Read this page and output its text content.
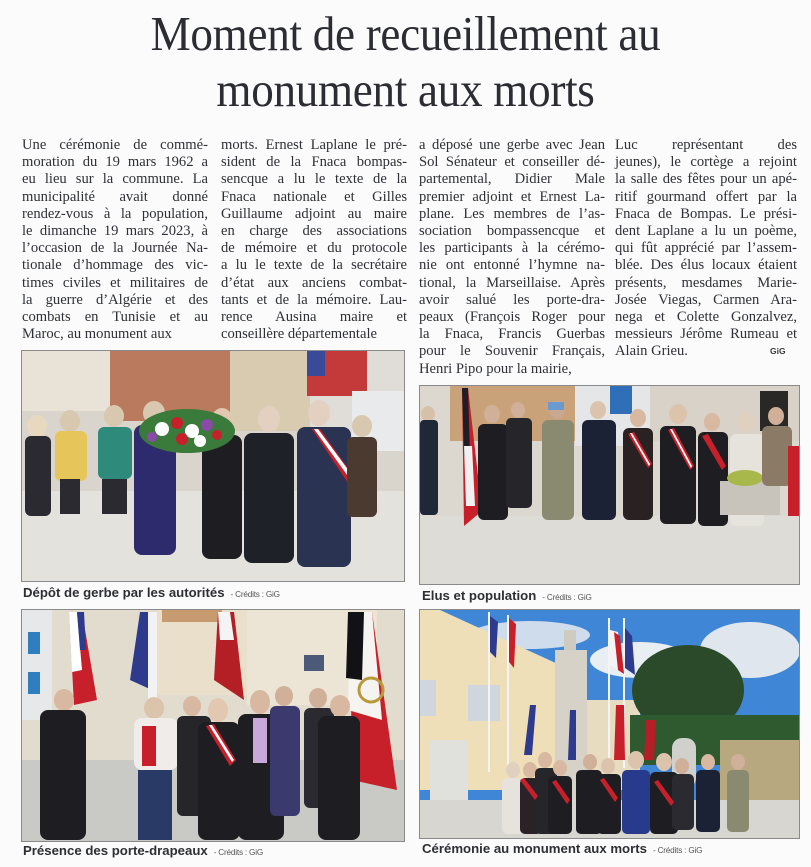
Moment de recueillement au
monument aux morts
Une cérémonie de commé-
moration du 19 mars 1962 a
eu lieu sur la commune. La
municipalité avait donné
rendez-vous à la population,
le dimanche 19 mars 2023, à
l’occasion de la Journée Na-
tionale d’hommage des vic-
times civiles et militaires de
la guerre d’Algérie et des
combats en Tunisie et au
Maroc, au monument aux
morts. Ernest Laplane le pré-
sident de la Fnaca bompas-
sencque a lu le texte de la
Fnaca nationale et Gilles
Guillaume adjoint au maire
en charge des associations
de mémoire et du protocole
a lu le texte de la secrétaire
d’état aux anciens combat-
tants et de la mémoire. Lau-
rence Ausina maire et
conseillère départementale
a déposé une gerbe avec Jean
Sol Sénateur et conseiller dé-
partemental, Didier Male
premier adjoint et Ernest La-
plane. Les membres de l’as-
sociation bompassencque et
les participants à la cérémo-
nie ont entonné l’hymne na-
tional, la Marseillaise. Après
avoir salué les porte-dra-
peaux (François Roger pour
la Fnaca, Francis Guerbas
pour le Souvenir Français,
Henri Pipo pour la mairie,
Luc représentant des
jeunes), le cortège a rejoint
la salle des fêtes pour un apé-
ritif gourmand offert par la
Fnaca de Bompas. Le prési-
dent Laplane a lu un poème,
qui fût apprécié par l’assem-
blée. Des élus locaux étaient
présents, mesdames Marie-
Josée Viegas, Carmen Ara-
nega et Colette Gonzalvez,
messieurs Jérôme Rumeau et
Alain Grieu.	GiG
Dépôt de gerbe par les autorités - Crédits : GiG	Elus et population - Crédits : GiG
Présence des porte-drapeaux - Crédits : GiG	Cérémonie au monument aux morts - Crédits : GiG
